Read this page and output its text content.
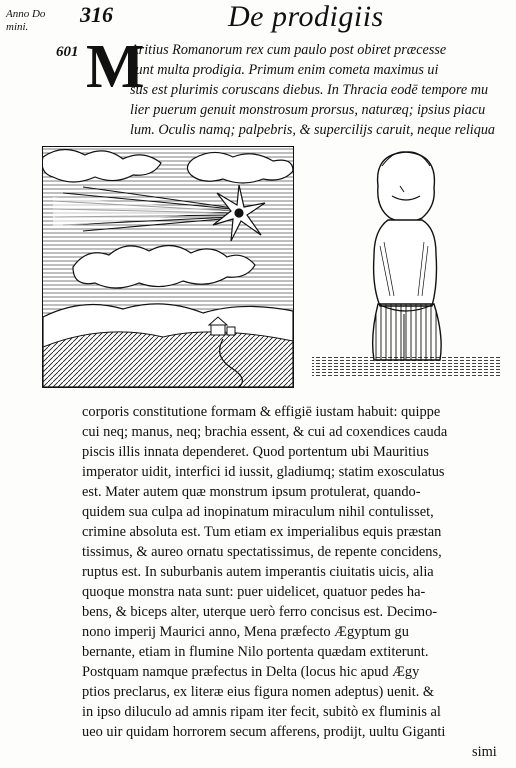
Anno Do mini.	316	De prodigiis
601 M
Aritius Romanorum rex cum paulo post obiret præcesse
runt multa prodigia. Primum enim cometa maximus ui
sus est plurimis coruscans diebus. In Thracia eodē tempore mu
lier puerum genuit monstrosum prorsus, naturæq; ipsius piacu
lum. Oculis namq; palpebris, & supercilijs caruit, neque reliqua
corporis constitutione formam & effigiē iustam habuit: quippe
cui neq; manus, neq; brachia essent, & cui ad coxendices cauda
piscis illis innata dependeret. Quod portentum ubi Mauritius
imperator uidit, interfici id iussit, gladiumq; statim exosculatus
est. Mater autem quæ monstrum ipsum protulerat, quando-
quidem sua culpa ad inopinatum miraculum nihil contulisset,
crimine absoluta est. Tum etiam ex imperialibus equis præstan
tissimus, & aureo ornatu spectatissimus, de repente concidens,
ruptus est. In suburbanis autem imperantis ciuitatis uicis, alia
quoque monstra nata sunt: puer uidelicet, quatuor pedes ha-
bens, & biceps alter, uterque uerò ferro concisus est. Decimo-
nono imperij Maurici anno, Mena præfecto Ægyptum gu
bernante, etiam in flumine Nilo portenta quædam extiterunt.
Postquam namque præfectus in Delta (locus hic apud Ægy
ptios preclarus, ex literæ eius figura nomen adeptus) uenit. &
in ipso diluculo ad amnis ripam iter fecit, subitò ex fluminis al
ueo uir quidam horrorem secum afferens, prodijt, uultu Giganti
simi
